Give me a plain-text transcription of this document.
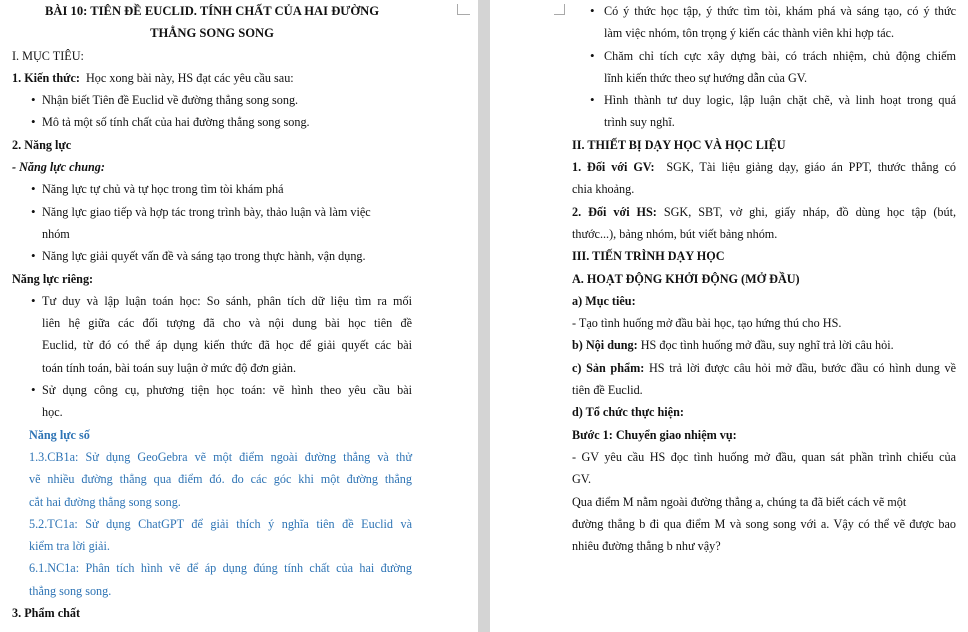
BÀI 10: TIÊN ĐỀ EUCLID. TÍNH CHẤT CỦA HAI ĐƯỜNG
THẲNG SONG SONG
I. MỤC TIÊU:
1. Kiến thức: Học xong bài này, HS đạt các yêu cầu sau:
• Nhận biết Tiên đề Euclid về đường thẳng song song.
• Mô tả một số tính chất của hai đường thẳng song song.
2. Năng lực
- Năng lực chung:
• Năng lực tự chủ và tự học trong tìm tòi khám phá
• Năng lực giao tiếp và hợp tác trong trình bày, thảo luận và làm việc
nhóm
• Năng lực giải quyết vấn đề và sáng tạo trong thực hành, vận dụng.
Năng lực riêng:
• Tư duy và lập luận toán học: So sánh, phân tích dữ liệu tìm ra mối
liên hệ giữa các đối tượng đã cho và nội dung bài học tiên đề
Euclid, từ đó có thể áp dụng kiến thức đã học để giải quyết các bài
toán tính toán, bài toán suy luận ở mức độ đơn giản.
• Sử dụng công cụ, phương tiện học toán: vẽ hình theo yêu cầu bài
học.
Năng lực số
1.3.CB1a: Sử dụng GeoGebra vẽ một điểm ngoài đường thẳng và thử
vẽ nhiều đường thẳng qua điểm đó. đo các góc khi một đường thẳng
cắt hai đường thẳng song song.
5.2.TC1a: Sử dụng ChatGPT để giải thích ý nghĩa tiên đề Euclid và
kiểm tra lời giải.
6.1.NC1a: Phân tích hình vẽ để áp dụng đúng tính chất của hai đường
thẳng song song.
3. Phẩm chất
• Có ý thức học tập, ý thức tìm tòi, khám phá và sáng tạo, có ý thức
làm việc nhóm, tôn trọng ý kiến các thành viên khi hợp tác.
• Chăm chỉ tích cực xây dựng bài, có trách nhiệm, chủ động chiếm
lĩnh kiến thức theo sự hướng dẫn của GV.
• Hình thành tư duy logic, lập luận chặt chẽ, và linh hoạt trong quá
trình suy nghĩ.
II. THIẾT BỊ DẠY HỌC VÀ HỌC LIỆU
1. Đối với GV: SGK, Tài liệu giảng dạy, giáo án PPT, thước thẳng có
chia khoảng.
2. Đối với HS: SGK, SBT, vở ghi, giấy nháp, đồ dùng học tập (bút,
thước...), bảng nhóm, bút viết bảng nhóm.
III. TIẾN TRÌNH DẠY HỌC
A. HOẠT ĐỘNG KHỞI ĐỘNG (MỞ ĐẦU)
a) Mục tiêu:
- Tạo tình huống mở đầu bài học, tạo hứng thú cho HS.
b) Nội dung: HS đọc tình huống mở đầu, suy nghĩ trả lời câu hỏi.
c) Sản phẩm: HS trả lời được câu hỏi mở đầu, bước đầu có hình dung về
tiên đề Euclid.
d) Tổ chức thực hiện:
Bước 1: Chuyển giao nhiệm vụ:
- GV yêu cầu HS đọc tình huống mở đầu, quan sát phần trình chiếu của
GV.
Qua điểm M nằm ngoài đường thẳng a, chúng ta đã biết cách vẽ một
đường thẳng b đi qua điểm M và song song với a. Vậy có thể vẽ được bao
nhiêu đường thẳng b như vậy?
